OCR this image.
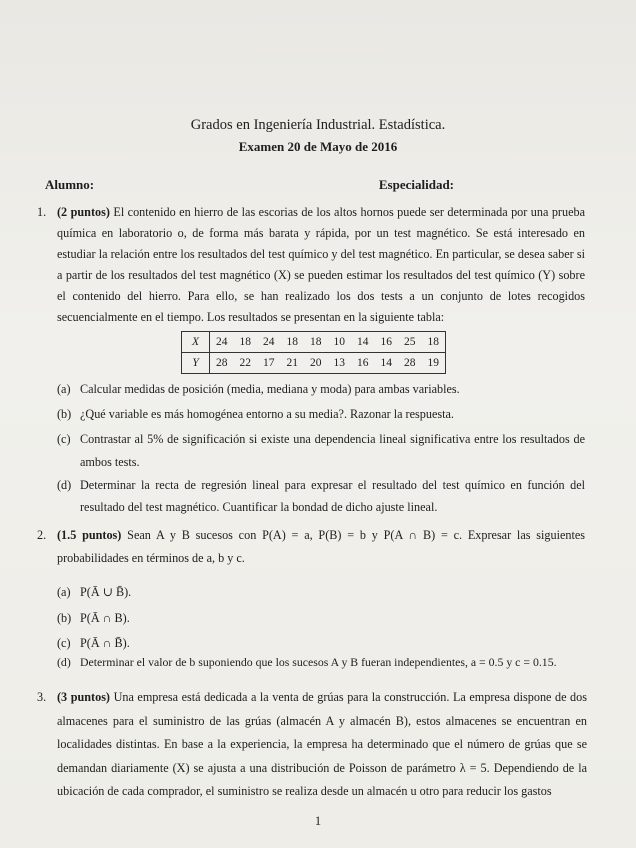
Grados en Ingeniería Industrial. Estadística.
Examen 20 de Mayo de 2016
Alumno:	Especialidad:
1. (2 puntos) El contenido en hierro de las escorias de los altos hornos puede ser determinada por una prueba química en laboratorio o, de forma más barata y rápida, por un test magnético. Se está interesado en estudiar la relación entre los resultados del test químico y del test magnético. En particular, se desea saber si a partir de los resultados del test magnético (X) se pueden estimar los resultados del test químico (Y) sobre el contenido del hierro. Para ello, se han realizado los dos tests a un conjunto de lotes recogidos secuencialmente en el tiempo. Los resultados se presentan en la siguiente tabla:
X	24	18	24	18	18	10	14	16	25	18
Y	28	22	17	21	20	13	16	14	28	19
(a) Calcular medidas de posición (media, mediana y moda) para ambas variables.
(b) ¿Qué variable es más homogénea entorno a su media?. Razonar la respuesta.
(c) Contrastar al 5% de significación si existe una dependencia lineal significativa entre los resultados de ambos tests.
(d) Determinar la recta de regresión lineal para expresar el resultado del test químico en función del resultado del test magnético. Cuantificar la bondad de dicho ajuste lineal.
2. (1.5 puntos) Sean A y B sucesos con P(A) = a, P(B) = b y P(A ∩ B) = c. Expresar las siguientes probabilidades en términos de a, b y c.
(a) P(Ā ∪ B̄).
(b) P(Ā ∩ B).
(c) P(Ā ∩ B̄).
(d) Determinar el valor de b suponiendo que los sucesos A y B fueran independientes, a = 0.5 y c = 0.15.
3. (3 puntos) Una empresa está dedicada a la venta de grúas para la construcción. La empresa dispone de dos almacenes para el suministro de las grúas (almacén A y almacén B), estos almacenes se encuentran en localidades distintas. En base a la experiencia, la empresa ha determinado que el número de grúas que se demandan diariamente (X) se ajusta a una distribución de Poisson de parámetro λ = 5. Dependiendo de la ubicación de cada comprador, el suministro se realiza desde un almacén u otro para reducir los gastos
1
